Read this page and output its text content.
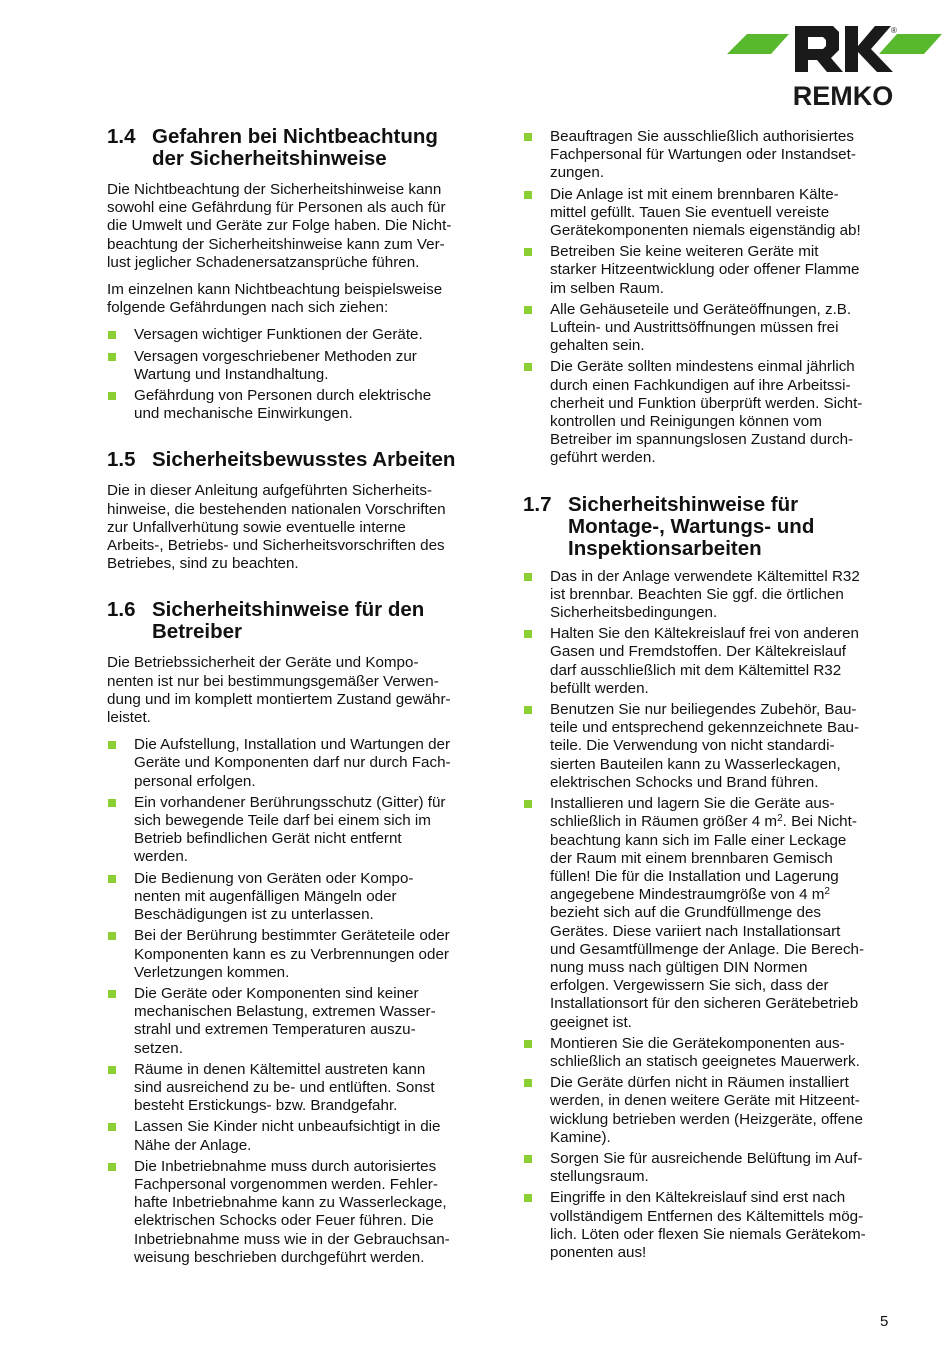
®
REMKO
1.4 Gefahren bei Nichtbeachtung
der Sicherheitshinweise

Die Nichtbeachtung der Sicherheitshinweise kann
sowohl eine Gefährdung für Personen als auch für
die Umwelt und Geräte zur Folge haben. Die Nicht-
beachtung der Sicherheitshinweise kann zum Ver-
lust jeglicher Schadenersatzansprüche führen.

Im einzelnen kann Nichtbeachtung beispielsweise
folgende Gefährdungen nach sich ziehen:

Versagen wichtiger Funktionen der Geräte.
Versagen vorgeschriebener Methoden zur
Wartung und Instandhaltung.
Gefährdung von Personen durch elektrische
und mechanische Einwirkungen.
1.5 Sicherheitsbewusstes Arbeiten

Die in dieser Anleitung aufgeführten Sicherheits-
hinweise, die bestehenden nationalen Vorschriften
zur Unfallverhütung sowie eventuelle interne
Arbeits-, Betriebs- und Sicherheitsvorschriften des
Betriebes, sind zu beachten.

1.6 Sicherheitshinweise für den
Betreiber

Die Betriebssicherheit der Geräte und Kompo-
nenten ist nur bei bestimmungsgemäßer Verwen-
dung und im komplett montiertem Zustand gewähr-
leistet.

Die Aufstellung, Installation und Wartungen der
Geräte und Komponenten darf nur durch Fach-
personal erfolgen.
Ein vorhandener Berührungsschutz (Gitter) für
sich bewegende Teile darf bei einem sich im
Betrieb befindlichen Gerät nicht entfernt
werden.
Die Bedienung von Geräten oder Kompo-
nenten mit augenfälligen Mängeln oder
Beschädigungen ist zu unterlassen.
Bei der Berührung bestimmter Geräteteile oder
Komponenten kann es zu Verbrennungen oder
Verletzungen kommen.
Die Geräte oder Komponenten sind keiner
mechanischen Belastung, extremen Wasser-
strahl und extremen Temperaturen auszu-
setzen.
Räume in denen Kältemittel austreten kann
sind ausreichend zu be- und entlüften. Sonst
besteht Erstickungs- bzw. Brandgefahr.
Lassen Sie Kinder nicht unbeaufsichtigt in die
Nähe der Anlage.
Die Inbetriebnahme muss durch autorisiertes
Fachpersonal vorgenommen werden. Fehler-
hafte Inbetriebnahme kann zu Wasserleckage,
elektrischen Schocks oder Feuer führen. Die
Inbetriebnahme muss wie in der Gebrauchsan-
weisung beschrieben durchgeführt werden.
Beauftragen Sie ausschließlich authorisiertes
Fachpersonal für Wartungen oder Instandset-
zungen.
Die Anlage ist mit einem brennbaren Kälte-
mittel gefüllt. Tauen Sie eventuell vereiste
Gerätekomponenten niemals eigenständig ab!
Betreiben Sie keine weiteren Geräte mit
starker Hitzeentwicklung oder offener Flamme
im selben Raum.
Alle Gehäuseteile und Geräteöffnungen, z.B.
Luftein- und Austrittsöffnungen müssen frei
gehalten sein.
Die Geräte sollten mindestens einmal jährlich
durch einen Fachkundigen auf ihre Arbeitssi-
cherheit und Funktion überprüft werden. Sicht-
kontrollen und Reinigungen können vom
Betreiber im spannungslosen Zustand durch-
geführt werden.
1.7 Sicherheitshinweise für
Montage-, Wartungs- und
Inspektionsarbeiten
Das in der Anlage verwendete Kältemittel R32
ist brennbar. Beachten Sie ggf. die örtlichen
Sicherheitsbedingungen.
Halten Sie den Kältekreislauf frei von anderen
Gasen und Fremdstoffen. Der Kältekreislauf
darf ausschließlich mit dem Kältemittel R32
befüllt werden.
Benutzen Sie nur beiliegendes Zubehör, Bau-
teile und entsprechend gekennzeichnete Bau-
teile. Die Verwendung von nicht standardi-
sierten Bauteilen kann zu Wasserleckagen,
elektrischen Schocks und Brand führen.
Installieren und lagern Sie die Geräte aus-
schließlich in Räumen größer 4 $m^2$. Bei Nicht-
beachtung kann sich im Falle einer Leckage
der Raum mit einem brennbaren Gemisch
füllen! Die für die Installation und Lagerung
angegebene Mindestraumgröße von 4 $m^2$
bezieht sich auf die Grundfüllmenge des
Gerätes. Diese variiert nach Installationsart
und Gesamtfüllmenge der Anlage. Die Berech-
nung muss nach gültigen DIN Normen
erfolgen. Vergewissern Sie sich, dass der
Installationsort für den sicheren Gerätebetrieb
geeignet ist.
Montieren Sie die Gerätekomponenten aus-
schließlich an statisch geeignetes Mauerwerk.
Die Geräte dürfen nicht in Räumen installiert
werden, in denen weitere Geräte mit Hitzeent-
wicklung betrieben werden (Heizgeräte, offene
Kamine).
Sorgen Sie für ausreichende Belüftung im Auf-
stellungsraum.
Eingriffe in den Kältekreislauf sind erst nach
vollständigem Entfernen des Kältemittels mög-
lich. Löten oder flexen Sie niemals Gerätekom-
ponenten aus!
5
